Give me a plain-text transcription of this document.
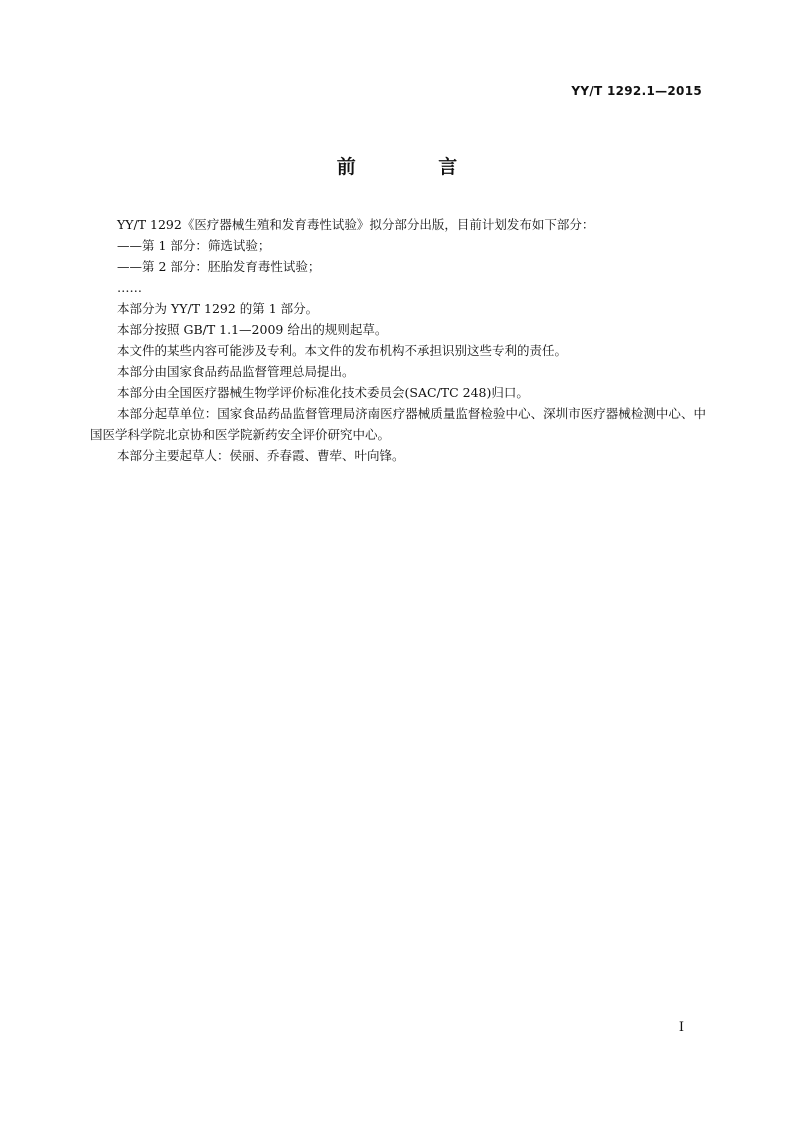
YY/T 1292.1—2015
前 言

YY/T 1292《医疗器械生殖和发育毒性试验》拟分部分出版，目前计划发布如下部分：

——第 1 部分：筛选试验；

——第 2 部分：胚胎发育毒性试验；

……

本部分为 YY/T 1292 的第 1 部分。

本部分按照 GB/T 1.1—2009 给出的规则起草。

本文件的某些内容可能涉及专利。本文件的发布机构不承担识别这些专利的责任。

本部分由国家食品药品监督管理总局提出。

本部分由全国医疗器械生物学评价标准化技术委员会(SAC/TC 248)归口。

本部分起草单位：国家食品药品监督管理局济南医疗器械质量监督检验中心、深圳市医疗器械检测中心、中国医学科学院北京协和医学院新药安全评价研究中心。

本部分主要起草人：侯丽、乔春霞、曹荦、叶向锋。

I
